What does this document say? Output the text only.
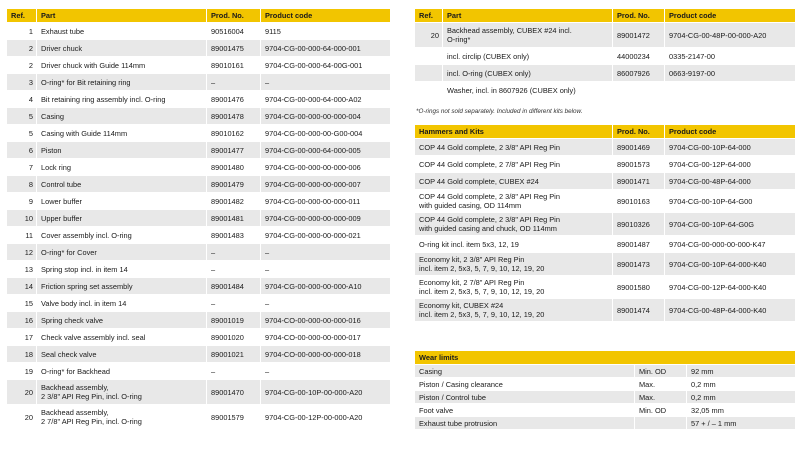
Ref.	Part	Prod. No.	Product code
1	Exhaust tube	90516004	9115
2	Driver chuck	89001475	9704-CG-00-000-64-000-001
2	Driver chuck with Guide 114mm	89010161	9704-CG-00-000-64-00G-001
3	O-ring* for Bit retaining ring	–	–
4	Bit retaining ring assembly incl. O-ring	89001476	9704-CG-00-000-64-000-A02
5	Casing	89001478	9704-CG-00-000-00-000-004
5	Casing with Guide 114mm	89010162	9704-CG-00-000-00-G00-004
6	Piston	89001477	9704-CG-00-000-64-000-005
7	Lock ring	89001480	9704-CG-00-000-00-000-006
8	Control tube	89001479	9704-CG-00-000-00-000-007
9	Lower buffer	89001482	9704-CG-00-000-00-000-011
10	Upper buffer	89001481	9704-CG-00-000-00-000-009
11	Cover assembly incl. O-ring	89001483	9704-CG-00-000-00-000-021
12	O-ring* for Cover	–	–
13	Spring stop incl. in item 14	–	–
14	Friction spring set assembly	89001484	9704-CG-00-000-00-000-A10
15	Valve body incl. in item 14	–	–
16	Spring check valve	89001019	9704-CO-00-000-00-000-016
17	Check valve assembly incl. seal	89001020	9704-CO-00-000-00-000-017
18	Seal check valve	89001021	9704-CO-00-000-00-000-018
19	O-ring* for Backhead	–	–
20	Backhead assembly,
2 3/8" API Reg Pin, incl. O-ring	89001470	9704-CG-00-10P-00-000-A20
20	Backhead assembly,
2 7/8" API Reg Pin, incl. O-ring	89001579	9704-CG-00-12P-00-000-A20
Ref.	Part	Prod. No.	Product code
20	Backhead assembly, CUBEX #24 incl.
O-ring*	89001472	9704-CG-00-48P-00-000-A20
	incl. circlip (CUBEX only)	44000234	0335-2147-00
	incl. O-ring (CUBEX only)	86007926	0663-9197-00
	Washer, incl. in 8607926 (CUBEX only)		
*O-rings not sold separately. Included in different kits below.
Hammers and Kits	Prod. No.	Product code
COP 44 Gold complete, 2 3/8" API Reg Pin	89001469	9704-CG-00-10P-64-000
COP 44 Gold complete, 2 7/8" API Reg Pin	89001573	9704-CG-00-12P-64-000
COP 44 Gold complete, CUBEX #24	89001471	9704-CG-00-48P-64-000

COP 44 Gold complete, 2 3/8" API Reg Pin
with guided casing, OD 114mm	89010163	9704-CG-00-10P-64-G00

COP 44 Gold complete, 2 3/8" API Reg Pin
with guided casing and chuck, OD 114mm	89010326	9704-CG-00-10P-64-G0G
O-ring kit incl. item 5x3, 12, 19	89001487	9704-CG-00-000-00-000-K47

Economy kit, 2 3/8" API Reg Pin
incl. item 2, 5x3, 5, 7, 9, 10, 12, 19, 20	89001473	9704-CG-00-10P-64-000-K40

Economy kit, 2 7/8" API Reg Pin
incl. item 2, 5x3, 5, 7, 9, 10, 12, 19, 20	89001580	9704-CG-00-12P-64-000-K40

Economy kit, CUBEX #24
incl. item 2, 5x3, 5, 7, 9, 10, 12, 19, 20	89001474	9704-CG-00-48P-64-000-K40
Wear limits		
Casing	Min. OD	92 mm
Piston / Casing clearance	Max.	0,2 mm
Piston / Control tube	Max.	0,2 mm
Foot valve	Min. OD	32,05 mm
Exhaust tube protrusion		57 + / – 1 mm
